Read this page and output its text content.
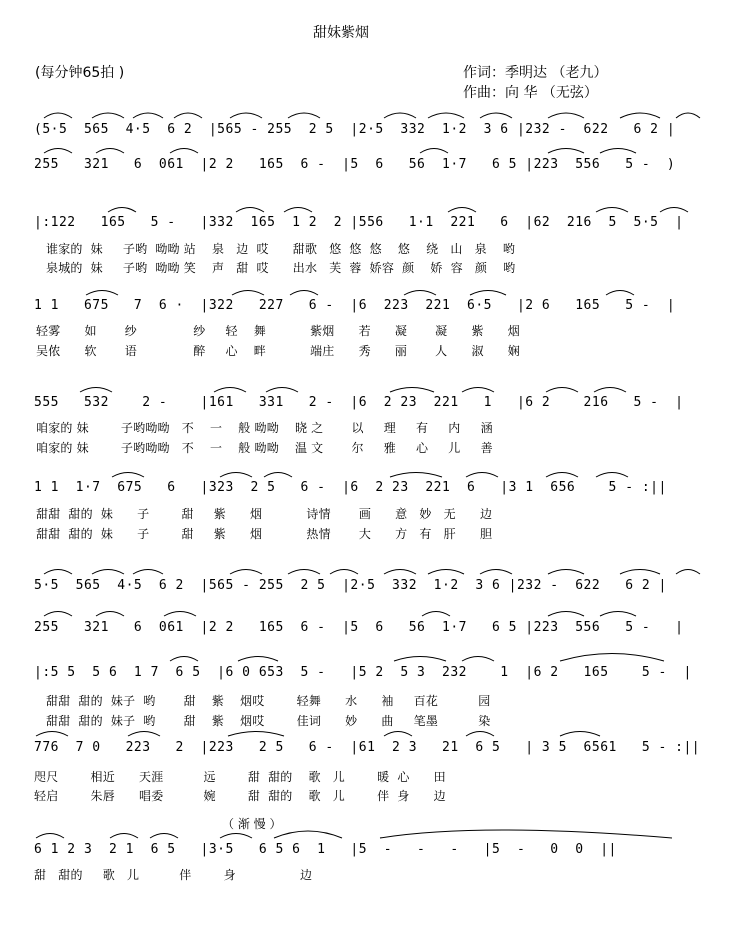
甜妹紫烟
(每分钟65拍 )	作词：季明达 （老九）
作曲：向 华 （无弦）
(5·5  565  4·5  6 2  |565 - 255  2 5  |2·5  332  1·2  3 6 |232 -  622   6 2 |
255   321   6  061  |2 2   165  6 -  |5  6   56  1·7   6 5 |223  556   5 -  )
|:122   165   5 -   |332  165  1 2  2 |556   1·1  221   6  |62  216  5  5·5  |
谁家的  妹     子哟  呦呦 站    泉   边  哎      甜歌   悠  悠  悠    悠    绕   山   泉    哟
泉城的  妹     子哟  呦呦 笑    声   甜  哎      出水   芙  蓉  娇容  颜    娇  容   颜    哟
1 1   675   7  6 ·  |322   227   6 -  |6  223  221  6·5   |2 6   165   5 -  |
轻雾      如       纱              纱     轻    舞           紫烟      若      凝       凝      紫      烟
吴侬      软       语              醉     心    畔           端庄      秀      丽       人      淑      娴
555   532    2 -    |161   331   2 -  |6  2 23  221   1   |6 2    216   5 -  |
咱家的 妹        子哟呦呦   不    一    般 呦呦    晓 之       以     理     有     内     涵
咱家的 妹        子哟呦呦   不    一    般 呦呦    温 文       尔     雅     心     儿     善
1 1  1·7  675   6   |323  2 5   6 -  |6  2 23  221  6   |3 1  656    5 - :||
甜甜  甜的  妹      子        甜     紫      烟           诗情       画      意   妙   无      边
甜甜  甜的  妹      子        甜     紫      烟           热情       大      方   有   肝      胆
5·5  565  4·5  6 2  |565 - 255  2 5  |2·5  332  1·2  3 6 |232 -  622   6 2 |
255   321   6  061  |2 2   165  6 -  |5  6   56  1·7   6 5 |223  556   5 -   |
|:5 5  5 6  1 7  6 5  |6 0 653  5 -   |5 2  5 3  232    1  |6 2   165    5 -  |
甜甜  甜的  妹子  哟       甜    紫    烟哎        轻舞      水      袖     百花          园
甜甜  甜的  妹子  哟       甜    紫    烟哎        佳词      妙      曲     笔墨          染
776  7 0   223   2  |223   2 5   6 -  |61  2 3   21  6 5   | 3 5  6561   5 - :||
咫尺        相近      天涯          远        甜  甜的    歌   儿        暖  心      田
轻启        朱唇      唱委          婉        甜  甜的    歌   儿        伴  身      边
（ 渐 慢 ）
6 1 2 3  2 1  6 5   |3·5   6 5 6  1   |5  -   -   -   |5  -   0  0  ||
甜   甜的     歌   儿          伴        身                边
